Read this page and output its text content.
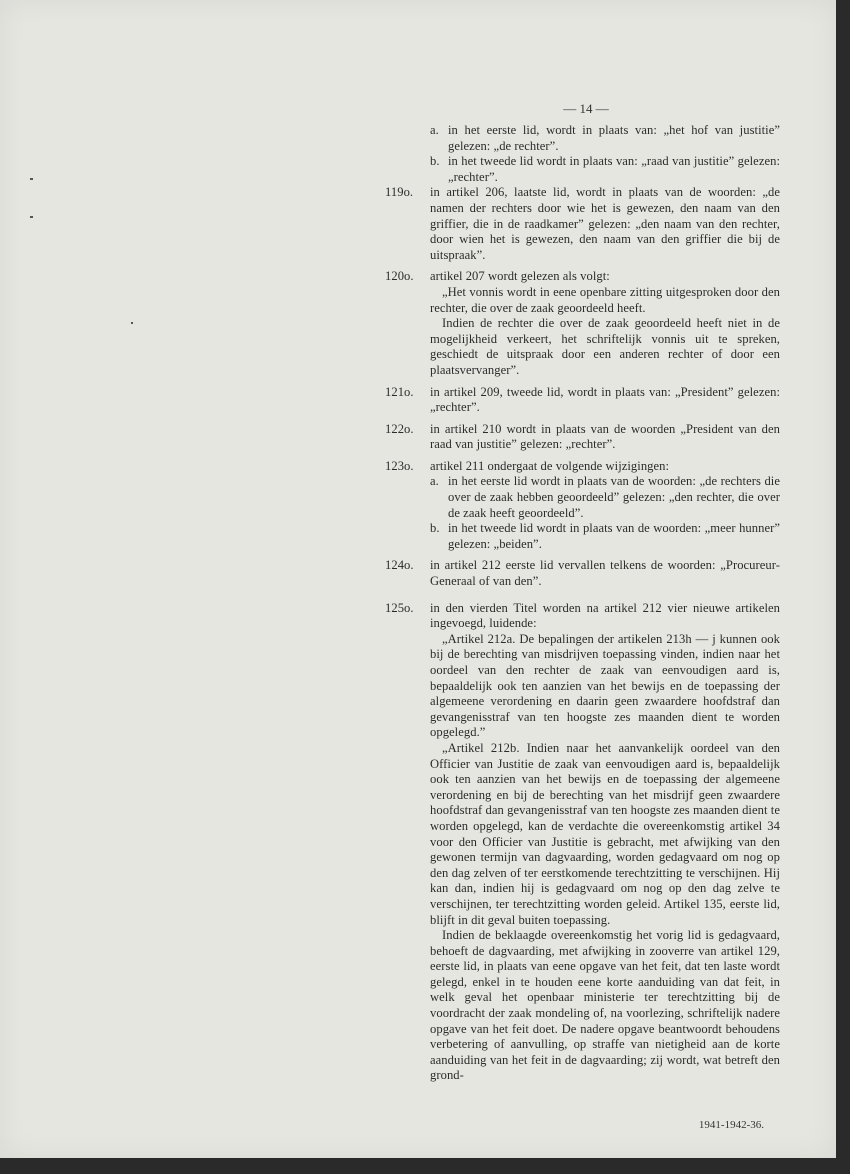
— 14 —
a. in het eerste lid, wordt in plaats van: „het hof van justitie” gelezen: „de rechter”.

b. in het tweede lid wordt in plaats van: „raad van justitie” gelezen: „rechter”.

119o.	in artikel 206, laatste lid, wordt in plaats van de woorden: „de namen der rechters door wie het is gewezen, den naam van den griffier, die in de raadkamer” gelezen: „den naam van den rechter, door wien het is gewezen, den naam van den griffier die bij de uitspraak”.

120o.	artikel 207 wordt gelezen als volgt:

„Het vonnis wordt in eene openbare zitting uitgesproken door den rechter, die over de zaak geoordeeld heeft.

Indien de rechter die over de zaak geoordeeld heeft niet in de mogelijkheid verkeert, het schriftelijk vonnis uit te spreken, geschiedt de uitspraak door een anderen rechter of door een plaatsvervanger”.

121o.	in artikel 209, tweede lid, wordt in plaats van: „President” gelezen: „rechter”.

122o.	in artikel 210 wordt in plaats van de woorden „President van den raad van justitie” gelezen: „rechter”.

123o.	artikel 211 ondergaat de volgende wijzigingen:

a. in het eerste lid wordt in plaats van de woorden: „de rechters die over de zaak hebben geoordeeld” gelezen: „den rechter, die over de zaak heeft geoordeeld”.

b. in het tweede lid wordt in plaats van de woorden: „meer hunner” gelezen: „beiden”.

124o.	in artikel 212 eerste lid vervallen telkens de woorden: „Procureur-Generaal of van den”.

125o.	in den vierden Titel worden na artikel 212 vier nieuwe artikelen ingevoegd, luidende:

„Artikel 212a. De bepalingen der artikelen 213h — j kunnen ook bij de berechting van misdrijven toepassing vinden, indien naar het oordeel van den rechter de zaak van eenvoudigen aard is, bepaaldelijk ook ten aanzien van het bewijs en de toepassing der algemeene verordening en daarin geen zwaardere hoofdstraf dan gevangenisstraf van ten hoogste zes maanden dient te worden opgelegd.”

„Artikel 212b. Indien naar het aanvankelijk oordeel van den Officier van Justitie de zaak van eenvoudigen aard is, bepaaldelijk ook ten aanzien van het bewijs en de toepassing der algemeene verordening en bij de berechting van het misdrijf geen zwaardere hoofdstraf dan gevangenisstraf van ten hoogste zes maanden dient te worden opgelegd, kan de verdachte die overeenkomstig artikel 34 voor den Officier van Justitie is gebracht, met afwijking van den gewonen termijn van dagvaarding, worden gedagvaard om nog op den dag zelven of ter eerstkomende terechtzitting te verschijnen. Hij kan dan, indien hij is gedagvaard om nog op den dag zelve te verschijnen, ter terechtzitting worden geleid. Artikel 135, eerste lid, blijft in dit geval buiten toepassing.

Indien de beklaagde overeenkomstig het vorig lid is gedagvaard, behoeft de dagvaarding, met afwijking in zooverre van artikel 129, eerste lid, in plaats van eene opgave van het feit, dat ten laste wordt gelegd, enkel in te houden eene korte aanduiding van dat feit, in welk geval het openbaar ministerie ter terechtzitting bij de voordracht der zaak mondeling of, na voorlezing, schriftelijk nadere opgave van het feit doet. De nadere opgave beantwoordt behoudens verbetering of aanvulling, op straffe van nietigheid aan de korte aanduiding van het feit in de dagvaarding; zij wordt, wat betreft den grond-

1941-1942-36.
